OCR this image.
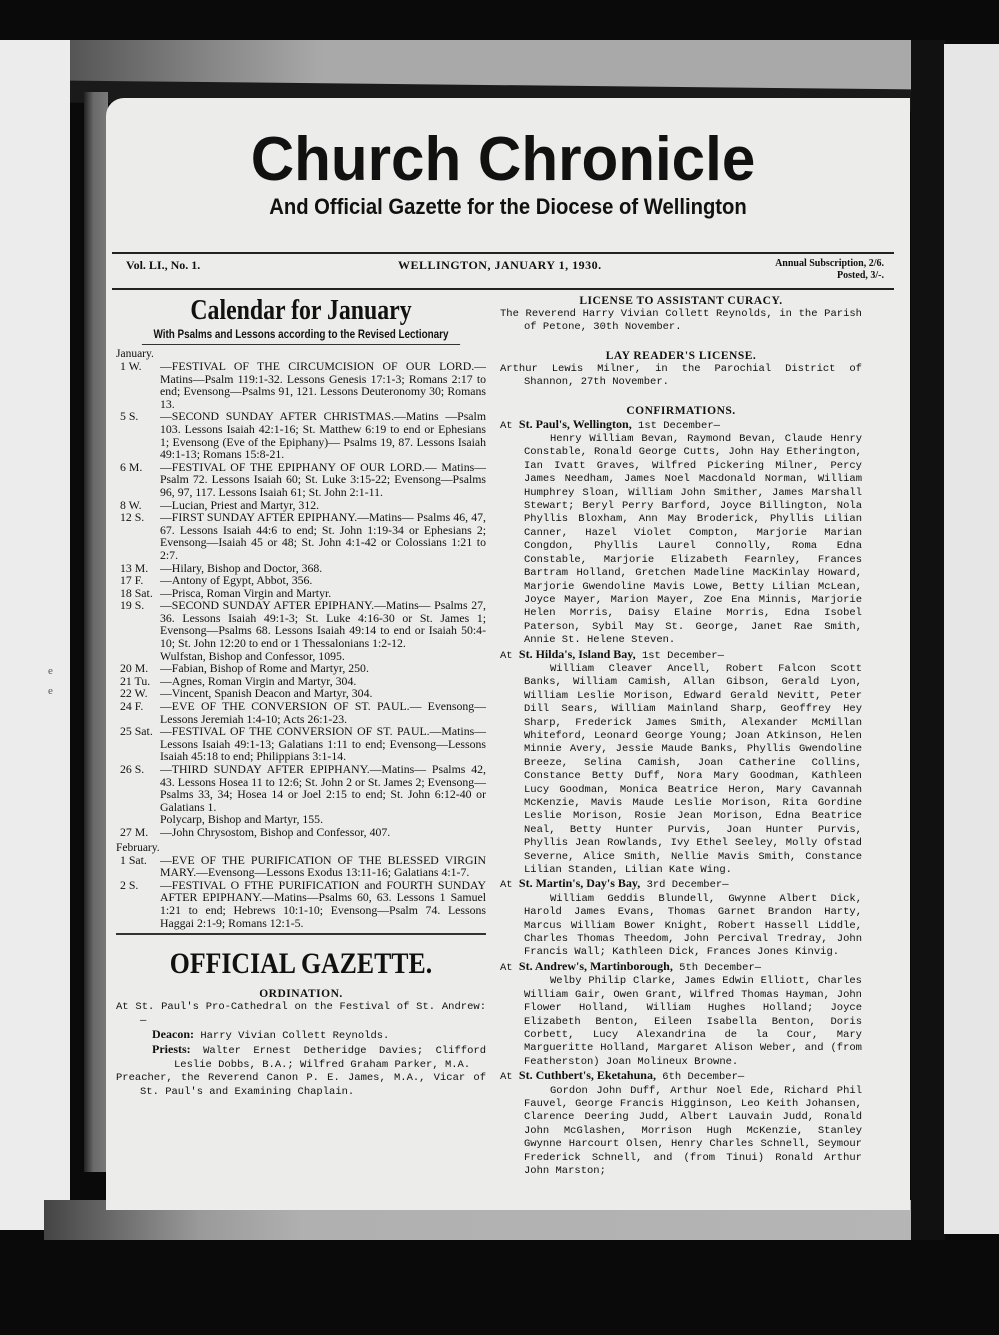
e
e
Church Chronicle
And Official Gazette for the Diocese of Wellington
Vol. LI., No. 1.	WELLINGTON, JANUARY 1, 1930.	Annual Subscription, 2/6.
Posted, 3/-.
Calendar for January
With Psalms and Lessons according to the Revised Lectionary
January.
1 W. —FESTIVAL OF THE CIRCUMCISION OF OUR LORD.—Matins—Psalm 119:1-32. Lessons Genesis 17:1-3; Romans 2:17 to end; Evensong—Psalms 91, 121. Lessons Deuteronomy 30; Romans 13.
5 S. —SECOND SUNDAY AFTER CHRISTMAS.—Matins —Psalm 103. Lessons Isaiah 42:1-16; St. Matthew 6:19 to end or Ephesians 1; Evensong (Eve of the Epiphany)— Psalms 19, 87. Lessons Isaiah 49:1-13; Romans 15:8-21.
6 M. —FESTIVAL OF THE EPIPHANY OF OUR LORD.— Matins—Psalm 72. Lessons Isaiah 60; St. Luke 3:15-22; Evensong—Psalms 96, 97, 117. Lessons Isaiah 61; St. John 2:1-11.
8 W. —Lucian, Priest and Martyr, 312.
12 S. —FIRST SUNDAY AFTER EPIPHANY.—Matins— Psalms 46, 47, 67. Lessons Isaiah 44:6 to end; St. John 1:19-34 or Ephesians 2; Evensong—Isaiah 45 or 48; St. John 4:1-42 or Colossians 1:21 to 2:7.
13 M. —Hilary, Bishop and Doctor, 368.
17 F. —Antony of Egypt, Abbot, 356.
18 Sat. —Prisca, Roman Virgin and Martyr.
19 S. —SECOND SUNDAY AFTER EPIPHANY.—Matins— Psalms 27, 36. Lessons Isaiah 49:1-3; St. Luke 4:16-30 or St. James 1; Evensong—Psalms 68. Lessons Isaiah 49:14 to end or Isaiah 50:4-10; St. John 12:20 to end or 1 Thessalonians 1:2-12.
Wulfstan, Bishop and Confessor, 1095.
20 M. —Fabian, Bishop of Rome and Martyr, 250.
21 Tu. —Agnes, Roman Virgin and Martyr, 304.
22 W. —Vincent, Spanish Deacon and Martyr, 304.
24 F. —EVE OF THE CONVERSION OF ST. PAUL.— Evensong—Lessons Jeremiah 1:4-10; Acts 26:1-23.
25 Sat. —FESTIVAL OF THE CONVERSION OF ST. PAUL.—Matins—Lessons Isaiah 49:1-13; Galatians 1:11 to end; Evensong—Lessons Isaiah 45:18 to end; Philippians 3:1-14.
26 S. —THIRD SUNDAY AFTER EPIPHANY.—Matins— Psalms 42, 43. Lessons Hosea 11 to 12:6; St. John 2 or St. James 2; Evensong—Psalms 33, 34; Hosea 14 or Joel 2:15 to end; St. John 6:12-40 or Galatians 1.
Polycarp, Bishop and Martyr, 155.
27 M. —John Chrysostom, Bishop and Confessor, 407.
February.
1 Sat. —EVE OF THE PURIFICATION OF THE BLESSED VIRGIN MARY.—Evensong—Lessons Exodus 13:11-16; Galatians 4:1-7.
2 S. —FESTIVAL O FTHE PURIFICATION and FOURTH SUNDAY AFTER EPIPHANY.—Matins—Psalms 60, 63. Lessons 1 Samuel 1:21 to end; Hebrews 10:1-10; Evensong—Psalm 74. Lessons Haggai 2:1-9; Romans 12:1-5.
OFFICIAL GAZETTE.
ORDINATION.
At St. Paul's Pro-Cathedral on the Festival of St. Andrew:—
Deacon: Harry Vivian Collett Reynolds.
Priests: Walter Ernest Detheridge Davies; Clifford Leslie Dobbs, B.A.; Wilfred Graham Parker, M.A.
Preacher, the Reverend Canon P. E. James, M.A., Vicar of St. Paul's and Examining Chaplain.
LICENSE TO ASSISTANT CURACY.
The Reverend Harry Vivian Collett Reynolds, in the Parish of Petone, 30th November.
LAY READER'S LICENSE.
Arthur Lewis Milner, in the Parochial District of Shannon, 27th November.
CONFIRMATIONS.
At St. Paul's, Wellington, 1st December—
Henry William Bevan, Raymond Bevan, Claude Henry Constable, Ronald George Cutts, John Hay Etherington, Ian Ivatt Graves, Wilfred Pickering Milner, Percy James Needham, James Noel Macdonald Norman, William Humphrey Sloan, William John Smither, James Marshall Stewart; Beryl Perry Barford, Joyce Billington, Nola Phyllis Bloxham, Ann May Broderick, Phyllis Lilian Canner, Hazel Violet Compton, Marjorie Marian Congdon, Phyllis Laurel Connolly, Roma Edna Constable, Marjorie Elizabeth Fearnley, Frances Bartram Holland, Gretchen Madeline MacKinlay Howard, Marjorie Gwendoline Mavis Lowe, Betty Lilian McLean, Joyce Mayer, Marion Mayer, Zoe Ena Minnis, Marjorie Helen Morris, Daisy Elaine Morris, Edna Isobel Paterson, Sybil May St. George, Janet Rae Smith, Annie St. Helene Steven.
At St. Hilda's, Island Bay, 1st December—
William Cleaver Ancell, Robert Falcon Scott Banks, William Camish, Allan Gibson, Gerald Lyon, William Leslie Morison, Edward Gerald Nevitt, Peter Dill Sears, William Mainland Sharp, Geoffrey Hey Sharp, Frederick James Smith, Alexander McMillan Whiteford, Leonard George Young; Joan Atkinson, Helen Minnie Avery, Jessie Maude Banks, Phyllis Gwendoline Breeze, Selina Camish, Joan Catherine Collins, Constance Betty Duff, Nora Mary Goodman, Kathleen Lucy Goodman, Monica Beatrice Heron, Mary Cavannah McKenzie, Mavis Maude Leslie Morison, Rita Gordine Leslie Morison, Rosie Jean Morison, Edna Beatrice Neal, Betty Hunter Purvis, Joan Hunter Purvis, Phyllis Jean Rowlands, Ivy Ethel Seeley, Molly Ofstad Severne, Alice Smith, Nellie Mavis Smith, Constance Lilian Standen, Lilian Kate Wing.
At St. Martin's, Day's Bay, 3rd December—
William Geddis Blundell, Gwynne Albert Dick, Harold James Evans, Thomas Garnet Brandon Harty, Marcus William Bower Knight, Robert Hassell Liddle, Charles Thomas Theedom, John Percival Tredray, John Francis Wall; Kathleen Dick, Frances Jones Kinvig.
At St. Andrew's, Martinborough, 5th December—
Welby Philip Clarke, James Edwin Elliott, Charles William Gair, Owen Grant, Wilfred Thomas Hayman, John Flower Holland, William Hughes Holland; Joyce Elizabeth Benton, Eileen Isabella Benton, Doris Corbett, Lucy Alexandrina de la Cour, Mary Margueritte Holland, Margaret Alison Weber, and (from Featherston) Joan Molineux Browne.
At St. Cuthbert's, Eketahuna, 6th December—
Gordon John Duff, Arthur Noel Ede, Richard Phil Fauvel, George Francis Higginson, Leo Keith Johansen, Clarence Deering Judd, Albert Lauvain Judd, Ronald John McGlashen, Morrison Hugh McKenzie, Stanley Gwynne Harcourt Olsen, Henry Charles Schnell, Seymour Frederick Schnell, and (from Tinui) Ronald Arthur John Marston;
